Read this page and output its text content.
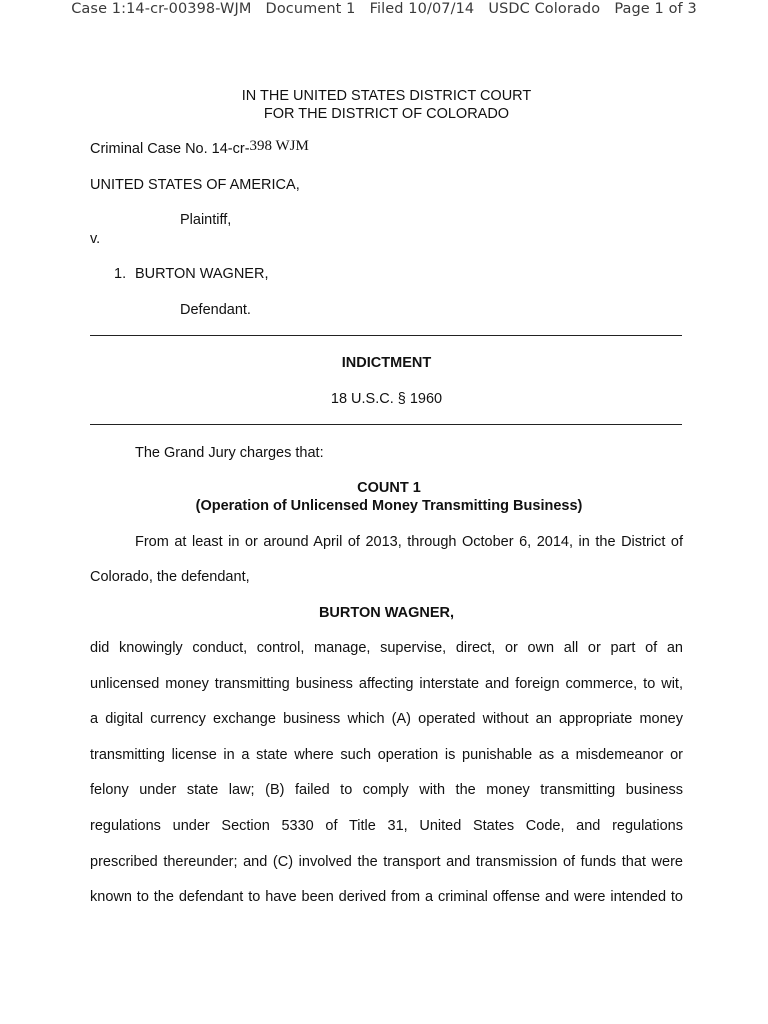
Case 1:14-cr-00398-WJM   Document 1   Filed 10/07/14   USDC Colorado   Page 1 of 3
IN THE UNITED STATES DISTRICT COURT
FOR THE DISTRICT OF COLORADO
Criminal Case No. 14-cr-398 WJM
UNITED STATES OF AMERICA,
Plaintiff,
v.
1. BURTON WAGNER,
Defendant.
INDICTMENT
18 U.S.C. § 1960
The Grand Jury charges that:
COUNT 1
(Operation of Unlicensed Money Transmitting Business)
From at least in or around April of 2013, through October 6, 2014, in the District of
Colorado, the defendant,
BURTON WAGNER,
did knowingly conduct, control, manage, supervise, direct, or own all or part of an
unlicensed money transmitting business affecting interstate and foreign commerce, to wit,
a digital currency exchange business which (A) operated without an appropriate money
transmitting license in a state where such operation is punishable as a misdemeanor or
felony under state law; (B) failed to comply with the money transmitting business
regulations under Section 5330 of Title 31, United States Code, and regulations
prescribed thereunder; and (C) involved the transport and transmission of funds that were
known to the defendant to have been derived from a criminal offense and were intended to
